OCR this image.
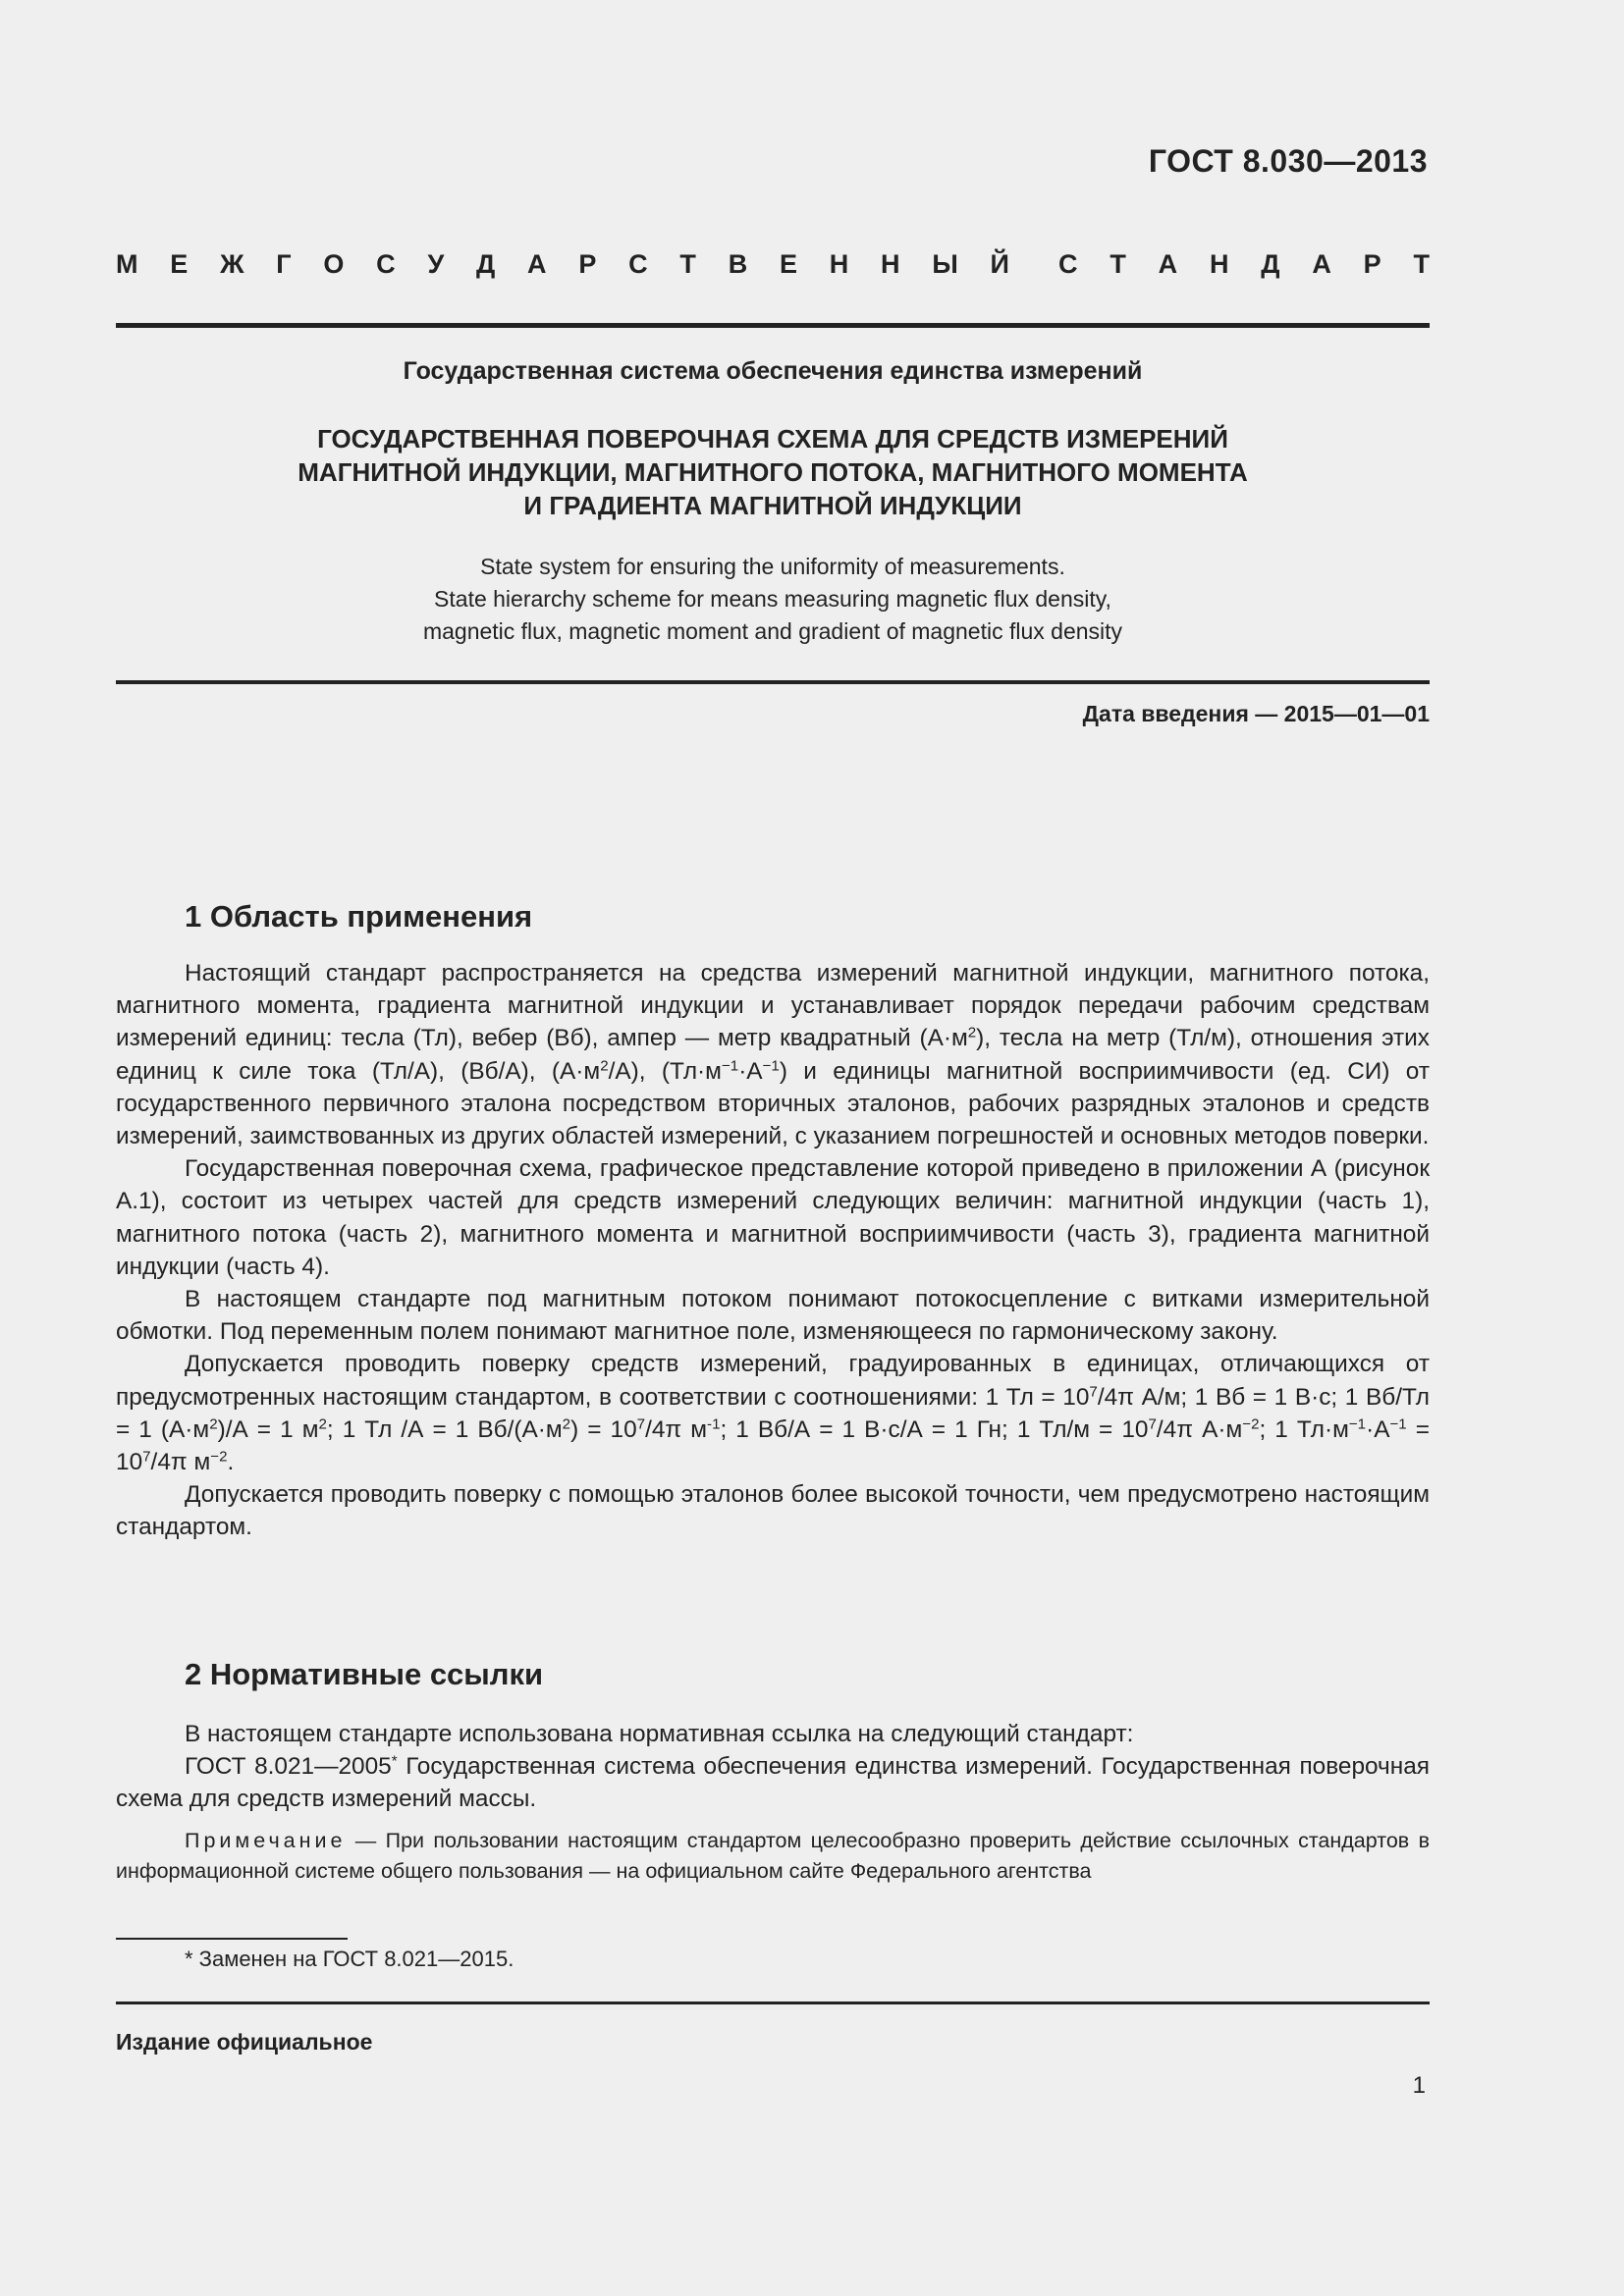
ГОСТ 8.030—2013
М Е Ж Г О С У Д А Р С Т В Е Н Н Ы Й С Т А Н Д А Р Т
Государственная система обеспечения единства измерений
ГОСУДАРСТВЕННАЯ ПОВЕРОЧНАЯ СХЕМА ДЛЯ СРЕДСТВ ИЗМЕРЕНИЙ
МАГНИТНОЙ ИНДУКЦИИ, МАГНИТНОГО ПОТОКА, МАГНИТНОГО МОМЕНТА
И ГРАДИЕНТА МАГНИТНОЙ ИНДУКЦИИ
State system for ensuring the uniformity of measurements.
State hierarchy scheme for means measuring magnetic flux density,
magnetic flux, magnetic moment and gradient of magnetic flux density
Дата введения — 2015—01—01
1 Область применения

Настоящий стандарт распространяется на средства измерений магнитной индукции, магнитного потока, магнитного момента, градиента магнитной индукции и устанавливает порядок передачи рабочим средствам измерений единиц: тесла (Тл), вебер (Вб), ампер — метр квадратный $(А\cdot м^2)$, тесла на метр (Тл/м), отношения этих единиц к силе тока (Тл/А), (Вб/А), $(А\cdot м^2/А)$, $(Тл\cdot м^{-1}\cdot А^{-1})$ и единицы магнитной восприимчивости (ед. СИ) от государственного первичного эталона посредством вторичных эталонов, рабочих разрядных эталонов и средств измерений, заимствованных из других областей измерений, с указанием погрешностей и основных методов поверки.

Государственная поверочная схема, графическое представление которой приведено в приложении А (рисунок А.1), состоит из четырех частей для средств измерений следующих величин: магнитной индукции (часть 1), магнитного потока (часть 2), магнитного момента и магнитной восприимчивости (часть 3), градиента магнитной индукции (часть 4).

В настоящем стандарте под магнитным потоком понимают потокосцепление с витками измерительной обмотки. Под переменным полем понимают магнитное поле, изменяющееся по гармоническому закону.

Допускается проводить поверку средств измерений, градуированных в единицах, отличающихся от предусмотренных настоящим стандартом, в соответствии с соотношениями: 1 Тл = $10^7/4\pi$ А/м; 1 Вб = 1 В·с; 1 Вб/Тл = 1 $(А\cdot м^2)/А = 1$ $м^2$; 1 Тл /А = 1 $Вб/(А\cdot м^2) = 10^7/4\pi$ $м^{-1}$; 1 Вб/А = 1 В·с/А = 1 Гн; 1 $Тл/м = 10^7/4\pi$ $А\cdot м^{-2}$; 1 $Тл\cdot м^{-1}\cdot А^{-1} = 10^7/4\pi$ $м^{-2}$.

Допускается проводить поверку с помощью эталонов более высокой точности, чем предусмотрено настоящим стандартом.

2 Нормативные ссылки

В настоящем стандарте использована нормативная ссылка на следующий стандарт:

ГОСТ 8.021—2005* Государственная система обеспечения единства измерений. Государственная поверочная схема для средств измерений массы.

Примечание — При пользовании настоящим стандартом целесообразно проверить действие ссылочных стандартов в информационной системе общего пользования — на официальном сайте Федерального агентства

* Заменен на ГОСТ 8.021—2015.
Издание официальное
1
